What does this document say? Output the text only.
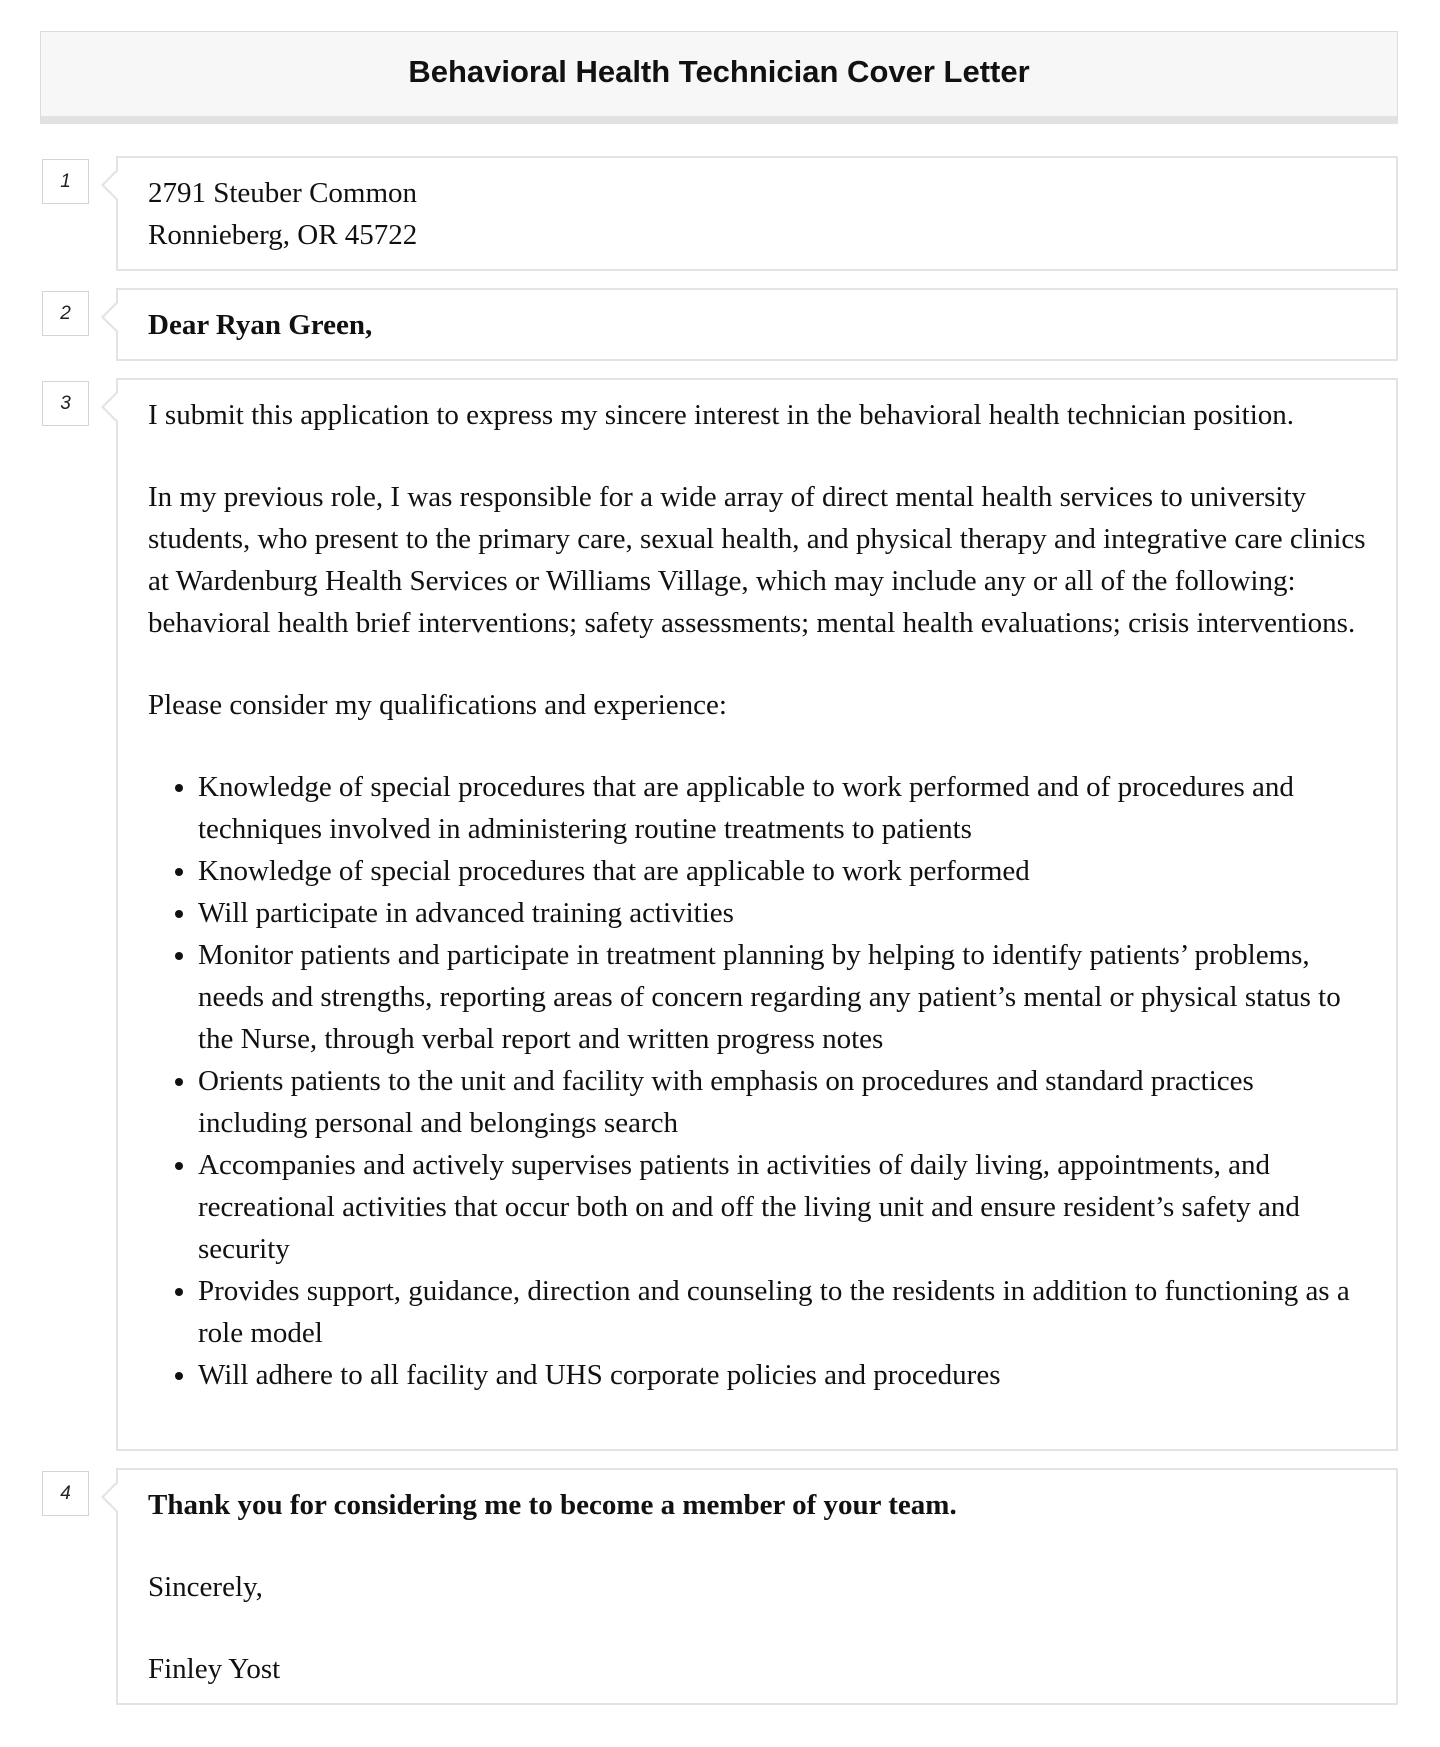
Behavioral Health Technician Cover Letter
1	2791 Steuber Common
Ronnieberg, OR 45722
2	Dear Ryan Green,
3	I submit this application to express my sincere interest in the behavioral health technician position.

In my previous role, I was responsible for a wide array of direct mental health services to university students, who present to the primary care, sexual health, and physical therapy and integrative care clinics at Wardenburg Health Services or Williams Village, which may include any or all of the following: behavioral health brief interventions; safety assessments; mental health evaluations; crisis interventions.

Please consider my qualifications and experience:

• Knowledge of special procedures that are applicable to work performed and of procedures and techniques involved in administering routine treatments to patients
• Knowledge of special procedures that are applicable to work performed
• Will participate in advanced training activities
• Monitor patients and participate in treatment planning by helping to identify patients’ problems, needs and strengths, reporting areas of concern regarding any patient’s mental or physical status to the Nurse, through verbal report and written progress notes
• Orients patients to the unit and facility with emphasis on procedures and standard practices including personal and belongings search
• Accompanies and actively supervises patients in activities of daily living, appointments, and recreational activities that occur both on and off the living unit and ensure resident’s safety and security
• Provides support, guidance, direction and counseling to the residents in addition to functioning as a role model
• Will adhere to all facility and UHS corporate policies and procedures
4	Thank you for considering me to become a member of your team.

Sincerely,

Finley Yost
